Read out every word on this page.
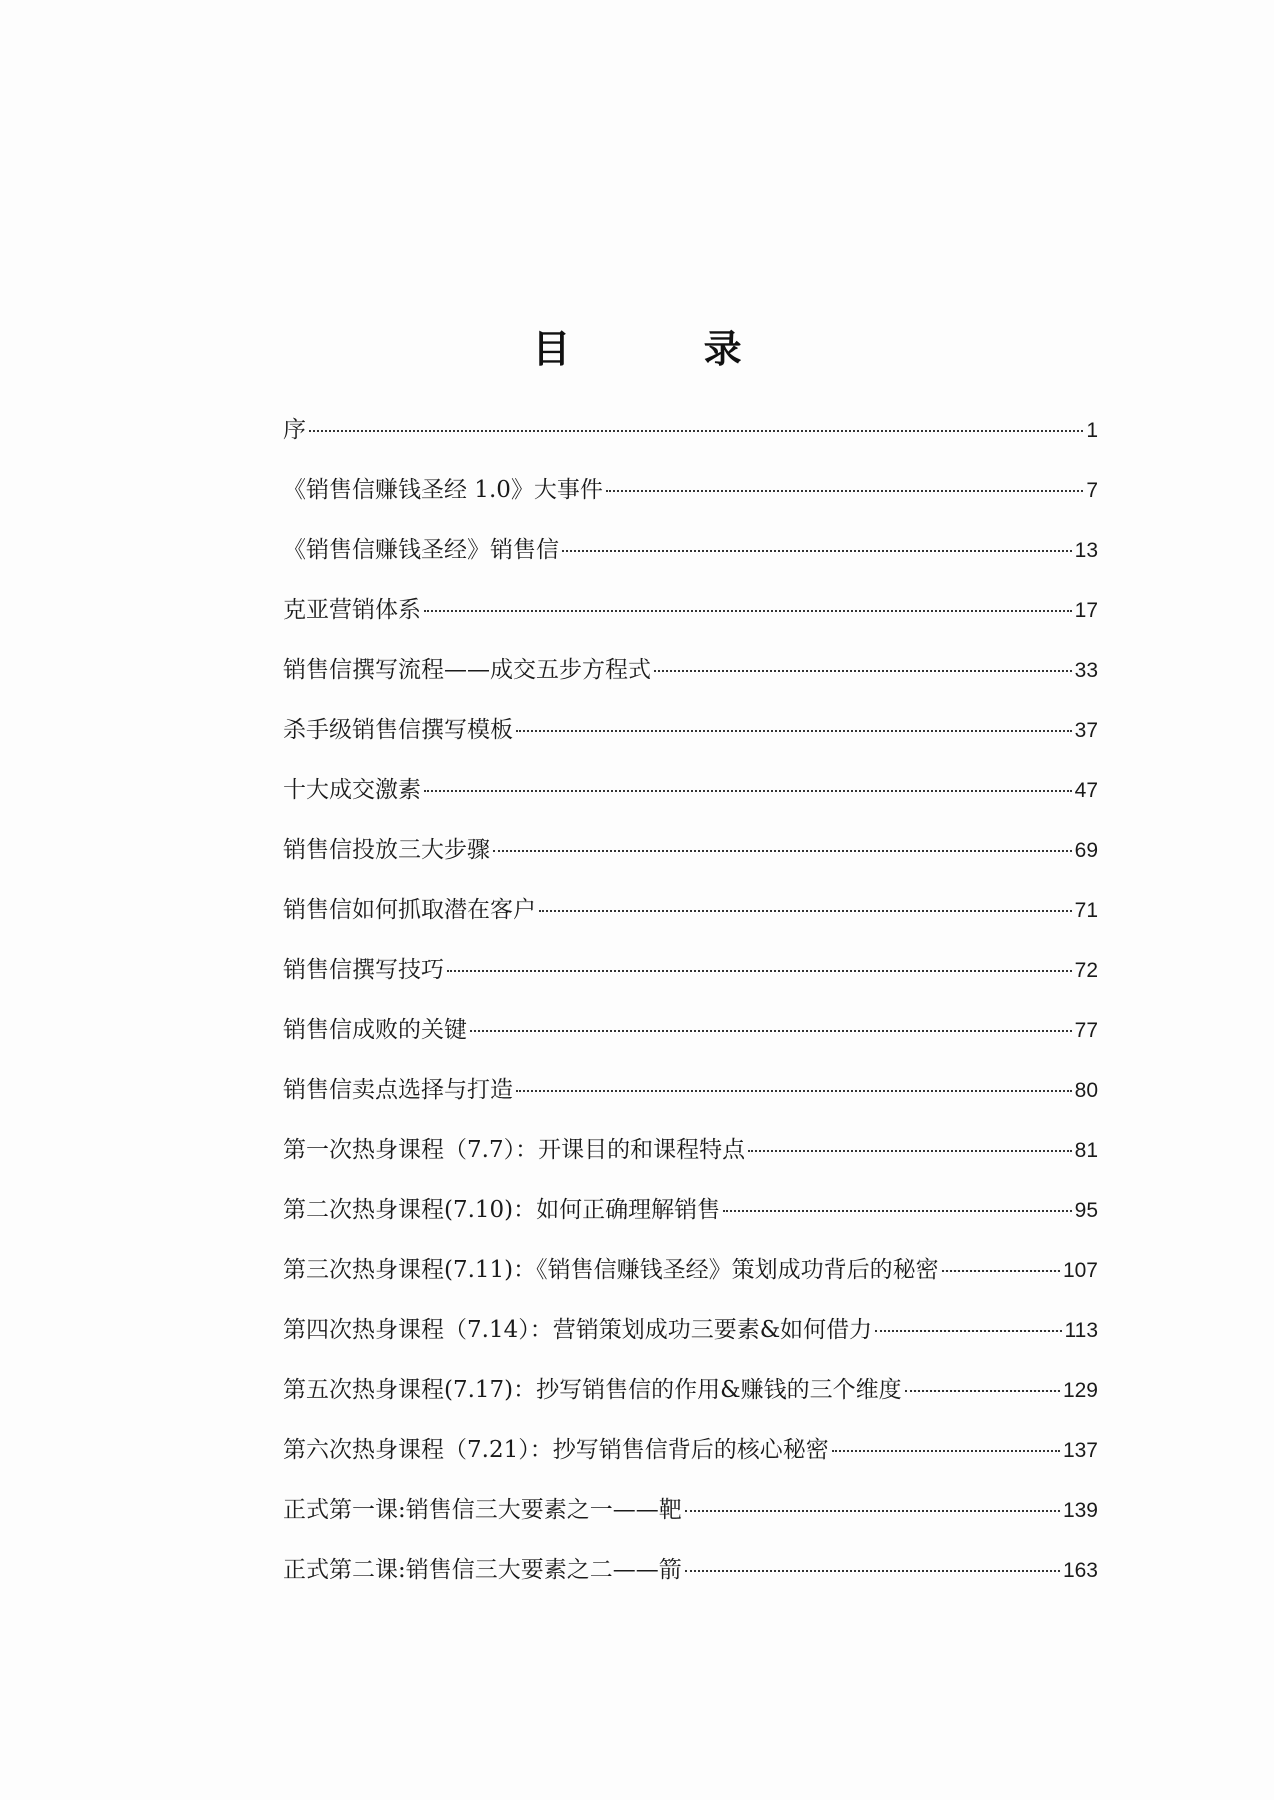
目 录
序	1
《销售信赚钱圣经 1.0》大事件	7
《销售信赚钱圣经》销售信	13
克亚营销体系	17
销售信撰写流程——成交五步方程式	33
杀手级销售信撰写模板	37
十大成交激素	47
销售信投放三大步骤	69
销售信如何抓取潜在客户	71
销售信撰写技巧	72
销售信成败的关键	77
销售信卖点选择与打造	80
第一次热身课程（7.7）：开课目的和课程特点	81
第二次热身课程(7.10)：如何正确理解销售	95
第三次热身课程(7.11)：《销售信赚钱圣经》策划成功背后的秘密	107
第四次热身课程（7.14）：营销策划成功三要素&如何借力	113
第五次热身课程(7.17)：抄写销售信的作用&赚钱的三个维度	129
第六次热身课程（7.21）：抄写销售信背后的核心秘密	137
正式第一课:销售信三大要素之一——靶	139
正式第二课:销售信三大要素之二——箭	163
